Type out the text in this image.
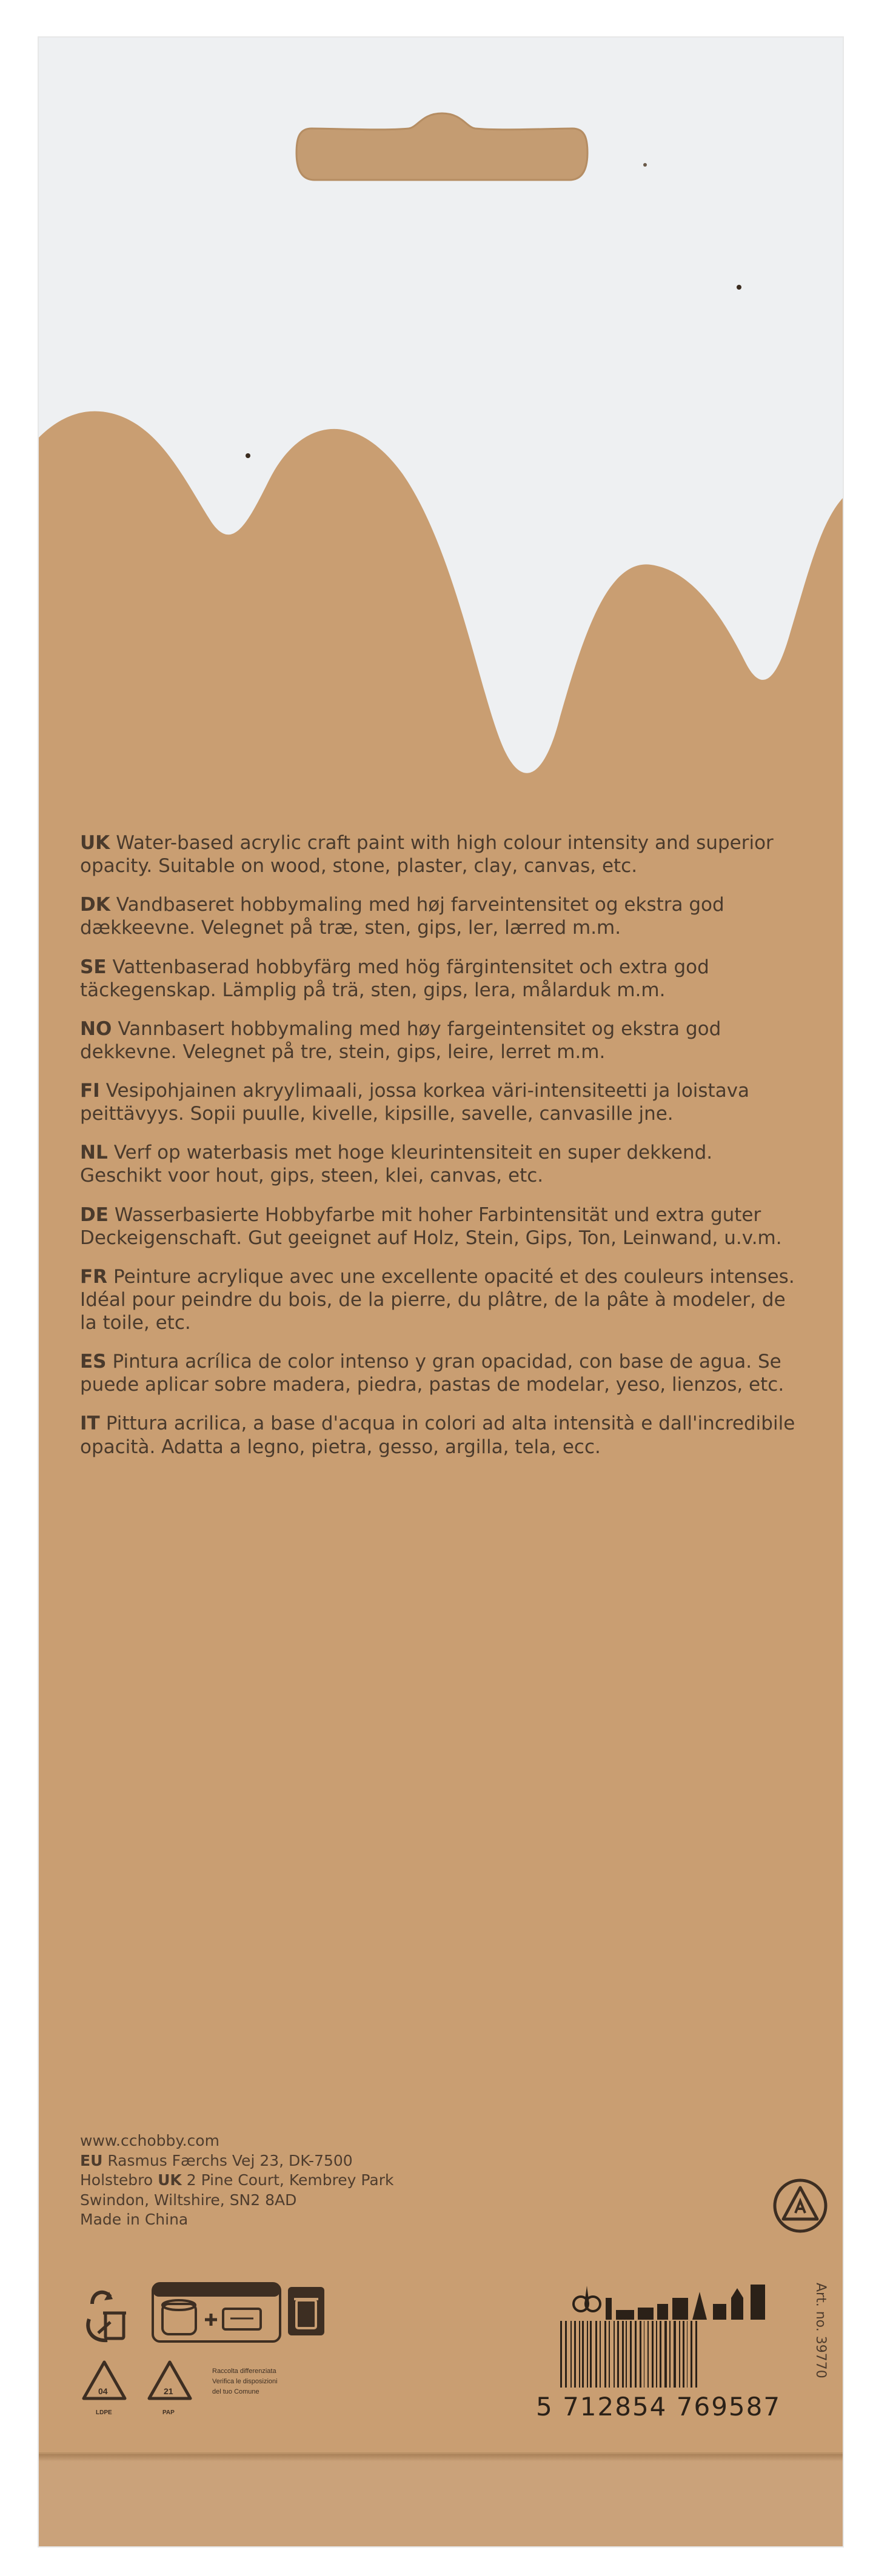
UK Water-based acrylic craft paint with high colour intensity and superior opacity. Suitable on wood, stone, plaster, clay, canvas, etc.

DK Vandbaseret hobbymaling med høj farveintensitet og ekstra god dækkeevne. Velegnet på træ, sten, gips, ler, lærred m.m.

SE Vattenbaserad hobbyfärg med hög färgintensitet och extra god täckegenskap. Lämplig på trä, sten, gips, lera, målarduk m.m.

NO Vannbasert hobbymaling med høy fargeintensitet og ekstra god dekkevne. Velegnet på tre, stein, gips, leire, lerret m.m.

FI Vesipohjainen akryylimaali, jossa korkea väri-intensiteetti ja loistava peittävyys. Sopii puulle, kivelle, kipsille, savelle, canvasille jne.

NL Verf op waterbasis met hoge kleurintensiteit en super dekkend. Geschikt voor hout, gips, steen, klei, canvas, etc.

DE Wasserbasierte Hobbyfarbe mit hoher Farbintensität und extra guter Deckeigenschaft. Gut geeignet auf Holz, Stein, Gips, Ton, Leinwand, u.v.m.

FR Peinture acrylique avec une excellente opacité et des couleurs intenses. Idéal pour peindre du bois, de la pierre, du plâtre, de la pâte à modeler, de la toile, etc.

ES Pintura acrílica de color intenso y gran opacidad, con base de agua. Se puede aplicar sobre madera, piedra, pastas de modelar, yeso, lienzos, etc.

IT Pittura acrilica, a base d'acqua in colori ad alta intensità e dall'incredibile opacità. Adatta a legno, pietra, gesso, argilla, tela, ecc.

www.cchobby.com
EU Rasmus Færchs Vej 23, DK-7500
Holstebro UK 2 Pine Court, Kembrey Park
Swindon, Wiltshire, SN2 8AD
Made in China
04
LDPE
21
PAP
Raccolta differenziata
Verifica le disposizioni
del tuo Comune	5 712854 769587
Art. no. 39770
